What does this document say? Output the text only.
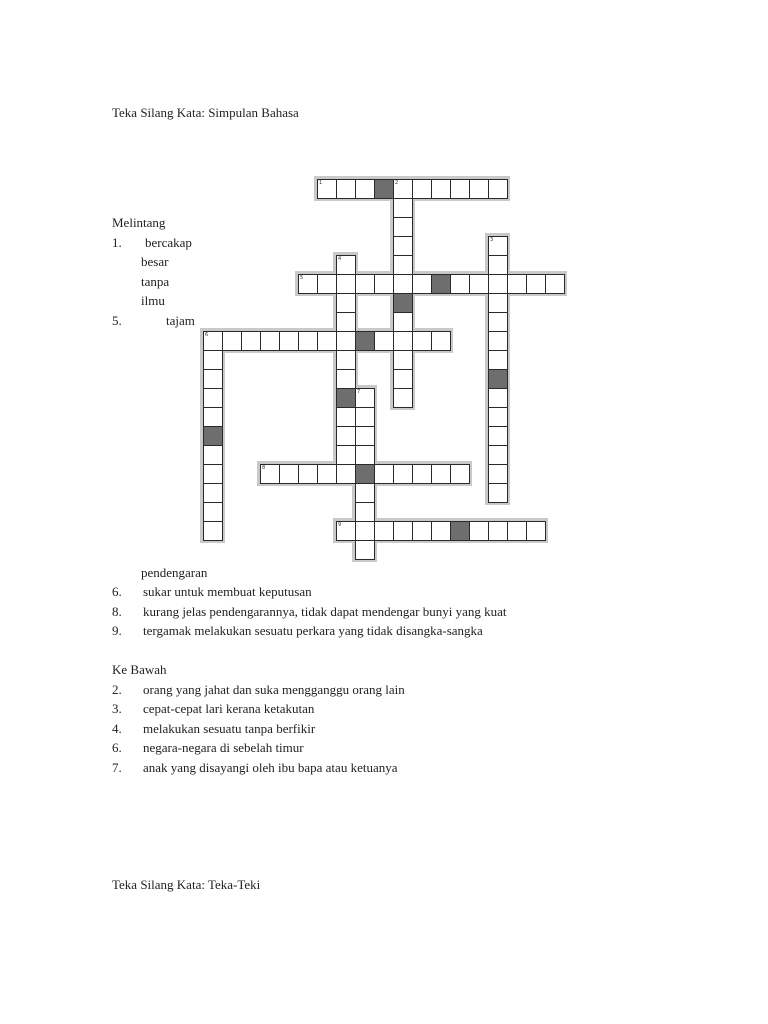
Teka Silang Kata: Simpulan Bahasa
1	2
3
4
5
6
7
8
9
Melintang
1. bercakap
besar
tanpa
ilmu
5.	tajam
pendengaran
6. sukar untuk membuat keputusan
8. kurang jelas pendengarannya, tidak dapat mendengar bunyi yang kuat
9. tergamak melakukan sesuatu perkara yang tidak disangka-sangka
Ke Bawah
2. orang yang jahat dan suka mengganggu orang lain
3. cepat-cepat lari kerana ketakutan
4. melakukan sesuatu tanpa berfikir
6. negara-negara di sebelah timur
7. anak yang disayangi oleh ibu bapa atau ketuanya
Teka Silang Kata: Teka-Teki
